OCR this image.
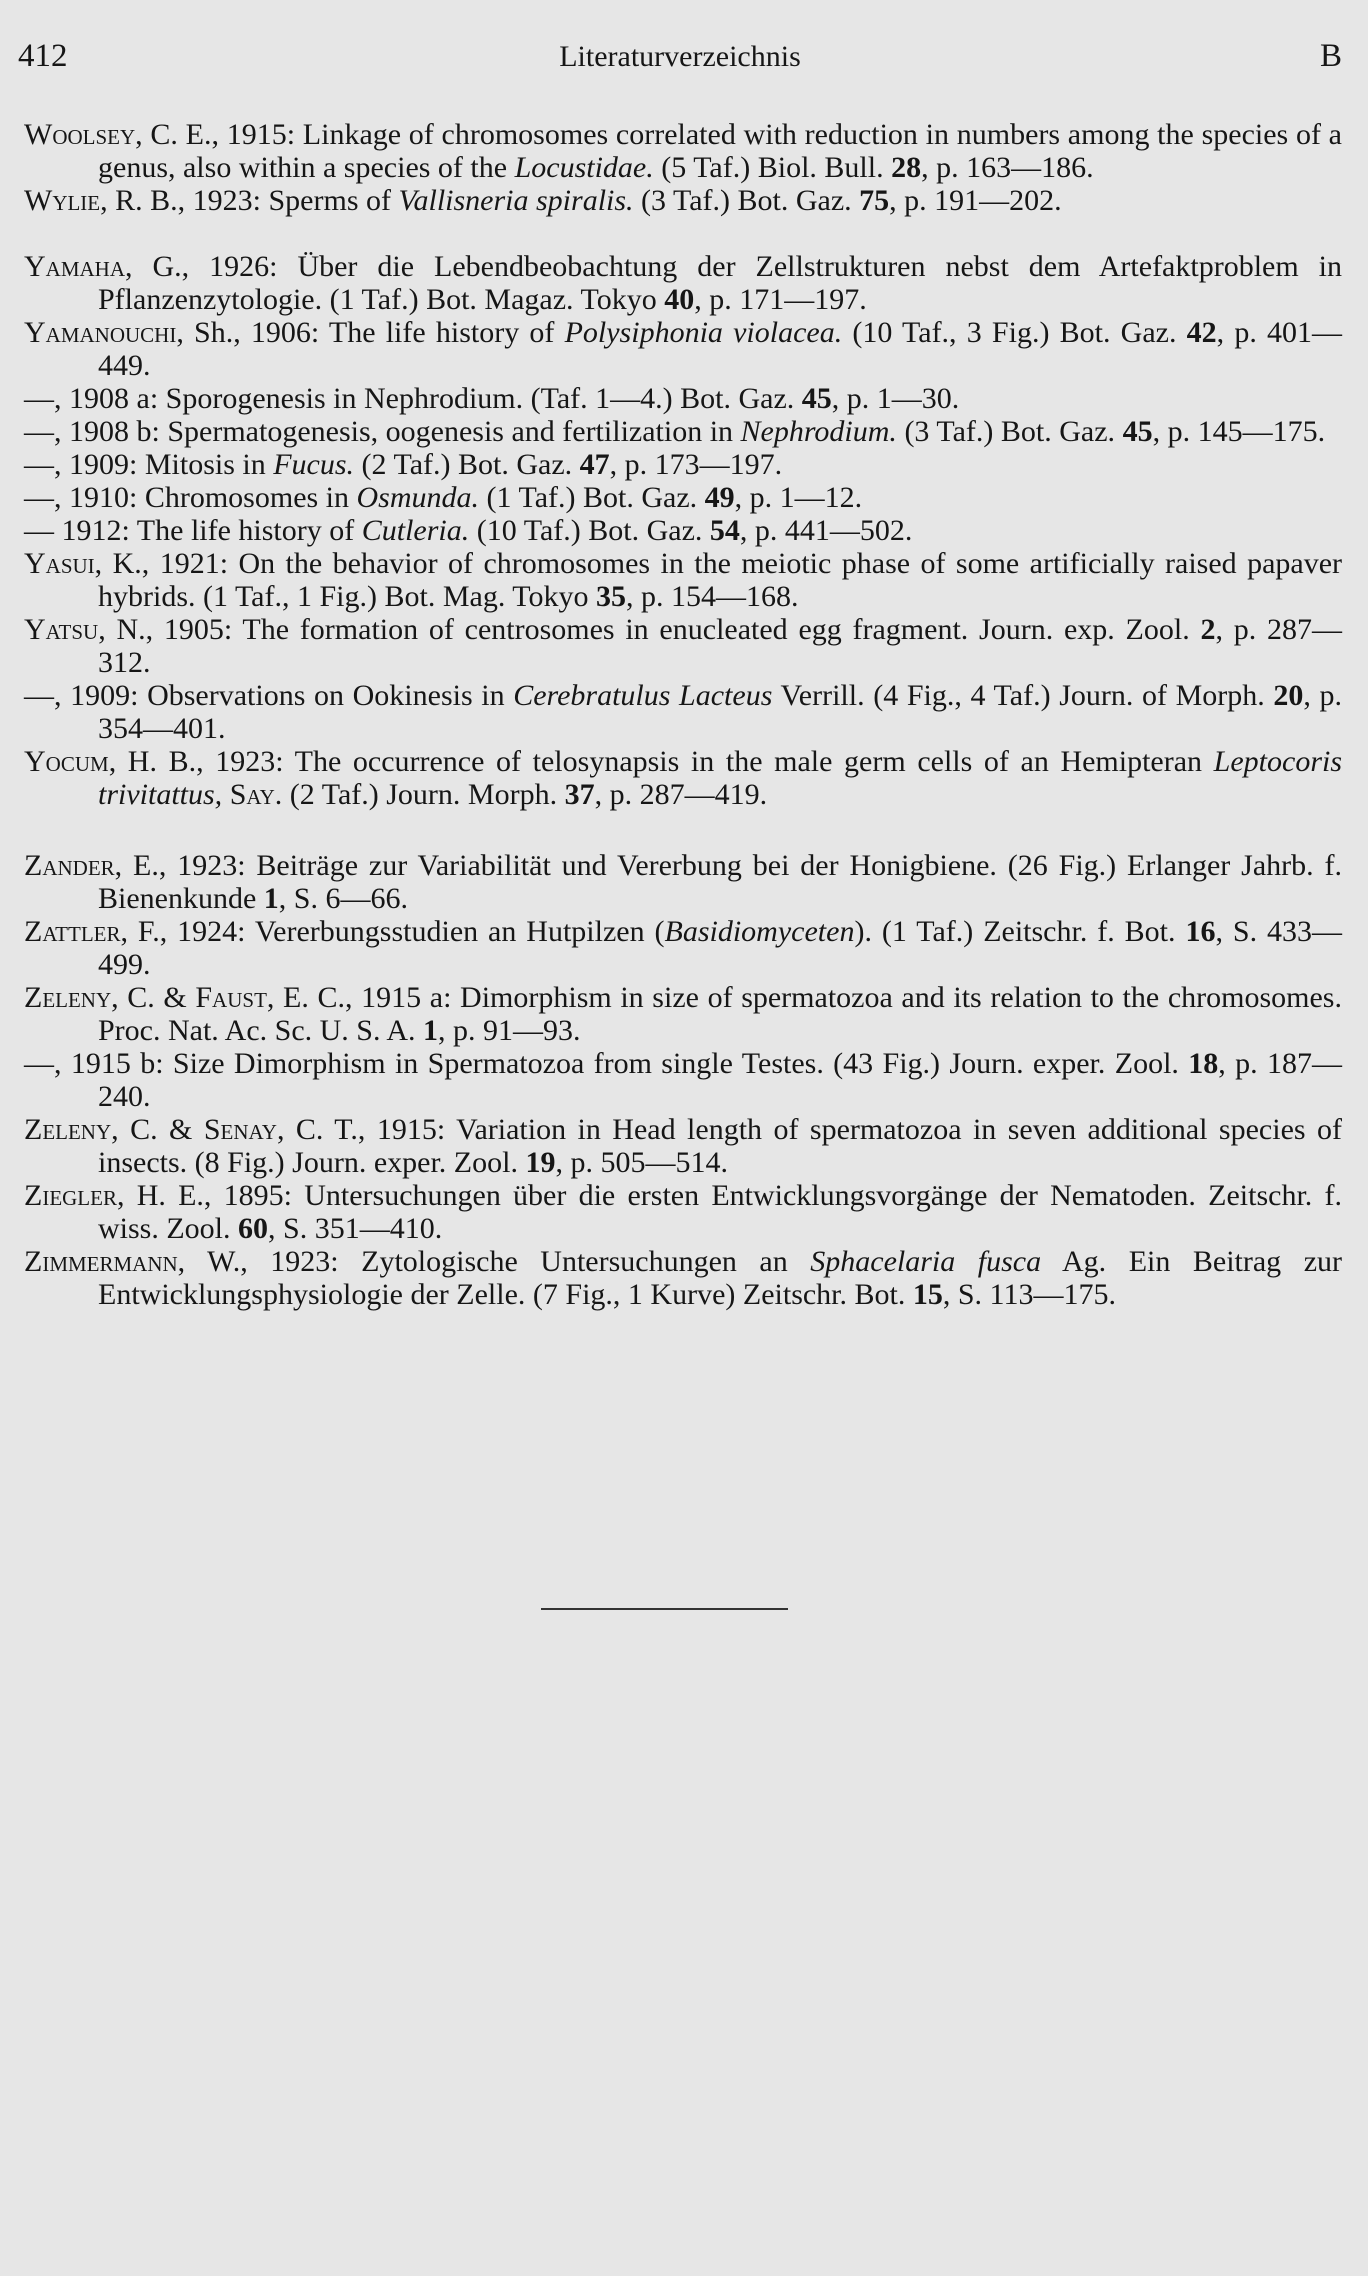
412	Literaturverzeichnis	B
Woolsey, C. E., 1915: Linkage of chromosomes correlated with reduction in numbers among the species of a genus, also within a species of the Locustidae. (5 Taf.) Biol. Bull. 28, p. 163—186.
Wylie, R. B., 1923: Sperms of Vallisneria spiralis. (3 Taf.) Bot. Gaz. 75, p. 191—202.
Yamaha, G., 1926: Über die Lebendbeobachtung der Zellstrukturen nebst dem Artefaktproblem in Pflanzenzytologie. (1 Taf.) Bot. Magaz. Tokyo 40, p. 171—197.
Yamanouchi, Sh., 1906: The life history of Polysiphonia violacea. (10 Taf., 3 Fig.) Bot. Gaz. 42, p. 401—449.
—, 1908 a: Sporogenesis in Nephrodium. (Taf. 1—4.) Bot. Gaz. 45, p. 1—30.
—, 1908 b: Spermatogenesis, oogenesis and fertilization in Nephrodium. (3 Taf.) Bot. Gaz. 45, p. 145—175.
—, 1909: Mitosis in Fucus. (2 Taf.) Bot. Gaz. 47, p. 173—197.
—, 1910: Chromosomes in Osmunda. (1 Taf.) Bot. Gaz. 49, p. 1—12.
— 1912: The life history of Cutleria. (10 Taf.) Bot. Gaz. 54, p. 441—502.
Yasui, K., 1921: On the behavior of chromosomes in the meiotic phase of some artificially raised papaver hybrids. (1 Taf., 1 Fig.) Bot. Mag. Tokyo 35, p. 154—168.
Yatsu, N., 1905: The formation of centrosomes in enucleated egg fragment. Journ. exp. Zool. 2, p. 287—312.
—, 1909: Observations on Ookinesis in Cerebratulus Lacteus Verrill. (4 Fig., 4 Taf.) Journ. of Morph. 20, p. 354—401.
Yocum, H. B., 1923: The occurrence of telosynapsis in the male germ cells of an Hemipteran Leptocoris trivitattus, Say. (2 Taf.) Journ. Morph. 37, p. 287—419.
Zander, E., 1923: Beiträge zur Variabilität und Vererbung bei der Honigbiene. (26 Fig.) Erlanger Jahrb. f. Bienenkunde 1, S. 6—66.
Zattler, F., 1924: Vererbungsstudien an Hutpilzen (Basidiomyceten). (1 Taf.) Zeitschr. f. Bot. 16, S. 433—499.
Zeleny, C. & Faust, E. C., 1915 a: Dimorphism in size of spermatozoa and its relation to the chromosomes. Proc. Nat. Ac. Sc. U. S. A. 1, p. 91—93.
—, 1915 b: Size Dimorphism in Spermatozoa from single Testes. (43 Fig.) Journ. exper. Zool. 18, p. 187—240.
Zeleny, C. & Senay, C. T., 1915: Variation in Head length of spermatozoa in seven additional species of insects. (8 Fig.) Journ. exper. Zool. 19, p. 505—514.
Ziegler, H. E., 1895: Untersuchungen über die ersten Entwicklungsvorgänge der Nematoden. Zeitschr. f. wiss. Zool. 60, S. 351—410.
Zimmermann, W., 1923: Zytologische Untersuchungen an Sphacelaria fusca Ag. Ein Beitrag zur Entwicklungsphysiologie der Zelle. (7 Fig., 1 Kurve) Zeitschr. Bot. 15, S. 113—175.
